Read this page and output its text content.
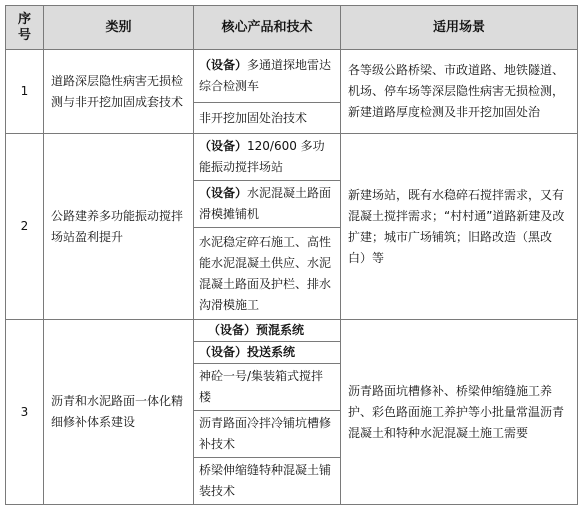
序号	类别	核心产品和技术	适用场景
1	道路深层隐性病害无损检测与非开挖加固成套技术	（设备）多通道探地雷达综合检测车	各等级公路桥梁、市政道路、地铁隧道、机场、停车场等深层隐性病害无损检测，新建道路厚度检测及非开挖加固处治
		非开挖加固处治技术	
2	公路建养多功能振动搅拌场站盈利提升	（设备）120/600 多功能振动搅拌场站	新建场站，既有水稳碎石搅拌需求，又有混凝土搅拌需求；“村村通”道路新建及改扩建；城市广场铺筑；旧路改造（黑改白）等
		（设备）水泥混凝土路面滑模摊铺机	
		水泥稳定碎石施工、高性能水泥混凝土供应、水泥混凝土路面及护栏、排水沟滑模施工	
3	沥青和水泥路面一体化精细修补体系建设	（设备）预混系统	沥青路面坑槽修补、桥梁伸缩缝施工养护、彩色路面施工养护等小批量常温沥青混凝土和特种水泥混凝土施工需要
		（设备）投送系统	
		神砼一号/集装箱式搅拌楼	
		沥青路面冷拌冷铺坑槽修补技术	
		桥梁伸缩缝特种混凝土铺装技术	
